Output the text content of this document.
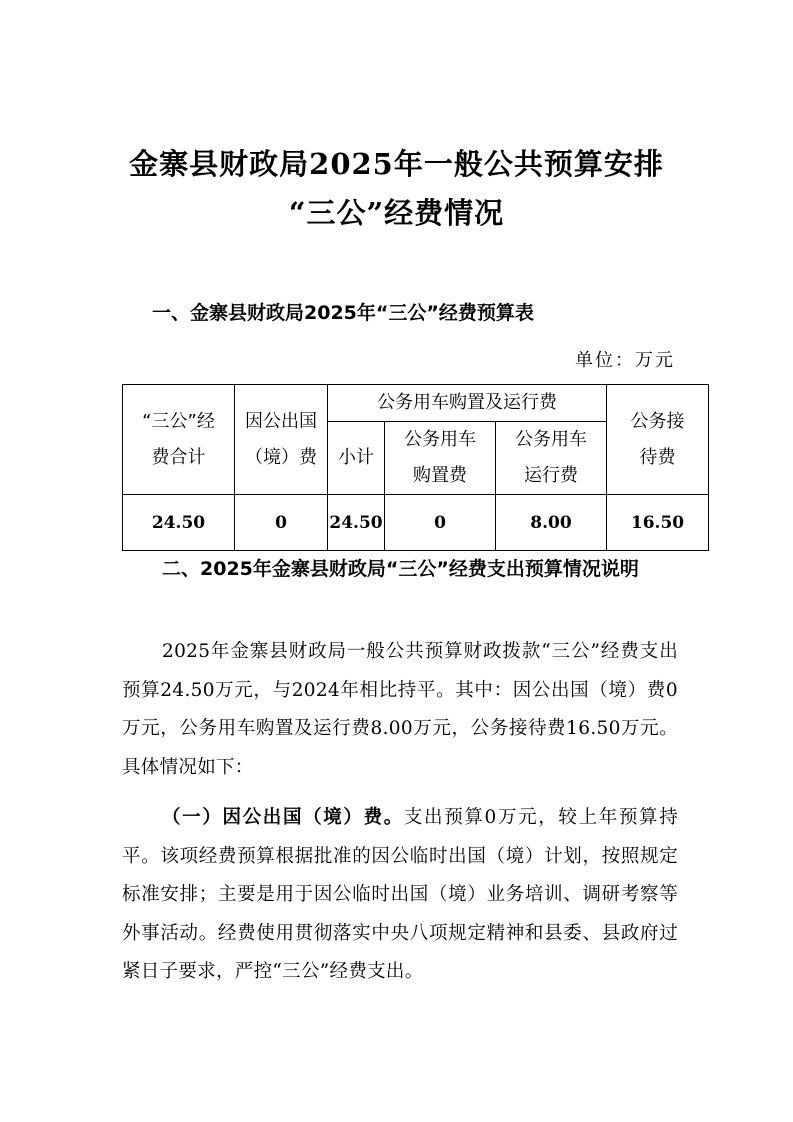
金寨县财政局2025年一般公共预算安排
“三公”经费情况
一、金寨县财政局2025年“三公”经费预算表
单位：万元
“三公”经费合计	因公出国（境）费	公务用车购置及运行费			公务接待费
		小计	公务用车购置费	公务用车运行费	
24.50	0	24.50	0	8.00	16.50
二、2025年金寨县财政局“三公”经费支出预算情况说明

2025年金寨县财政局一般公共预算财政拨款“三公”经费支出预算24.50万元，与2024年相比持平。其中：因公出国（境）费0万元，公务用车购置及运行费8.00万元，公务接待费16.50万元。具体情况如下：

（一）因公出国（境）费。支出预算0万元，较上年预算持平。该项经费预算根据批准的因公临时出国（境）计划，按照规定标准安排；主要是用于因公临时出国（境）业务培训、调研考察等外事活动。经费使用贯彻落实中央八项规定精神和县委、县政府过紧日子要求，严控“三公”经费支出。
